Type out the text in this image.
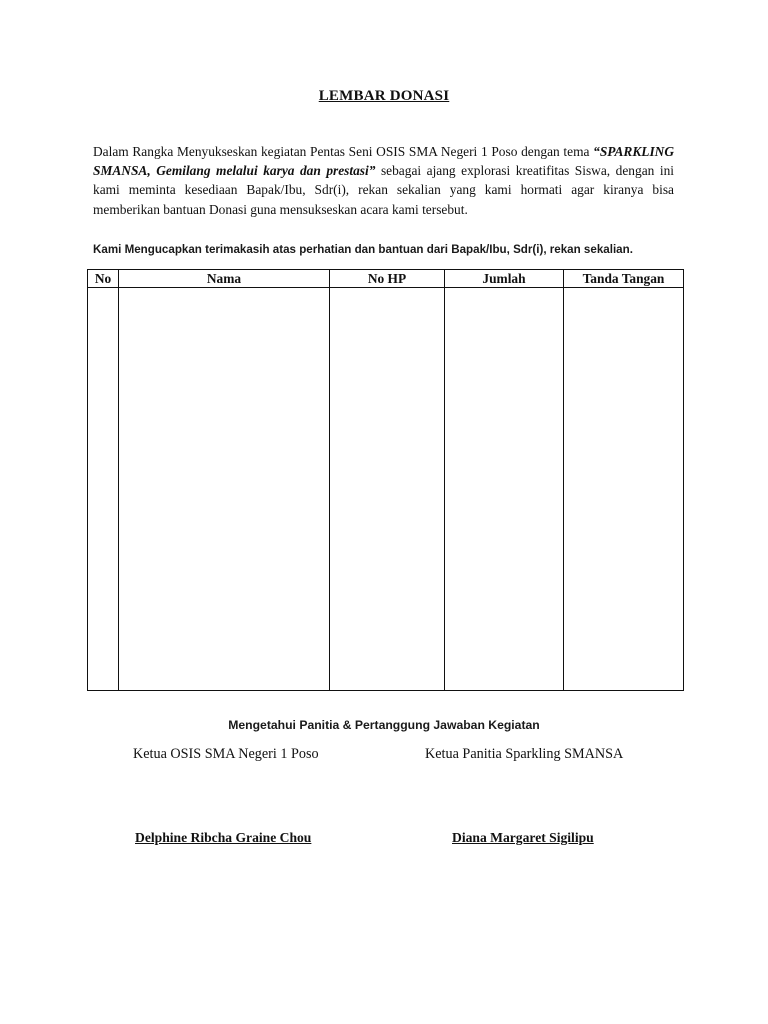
LEMBAR DONASI
Dalam Rangka Menyukseskan kegiatan Pentas Seni OSIS SMA Negeri 1 Poso dengan tema “SPARKLING SMANSA, Gemilang melalui karya dan prestasi” sebagai ajang explorasi kreatifitas Siswa, dengan ini kami meminta kesediaan Bapak/Ibu, Sdr(i), rekan sekalian yang kami hormati agar kiranya bisa memberikan bantuan Donasi guna mensukseskan acara kami tersebut.
Kami Mengucapkan terimakasih atas perhatian dan bantuan dari Bapak/Ibu, Sdr(i), rekan sekalian.
No	Nama	No HP	Jumlah	Tanda Tangan

Mengetahui Panitia & Pertanggung Jawaban Kegiatan
Ketua OSIS SMA Negeri 1 Poso	Ketua Panitia Sparkling SMANSA
Delphine Ribcha Graine Chou	Diana Margaret Sigilipu
